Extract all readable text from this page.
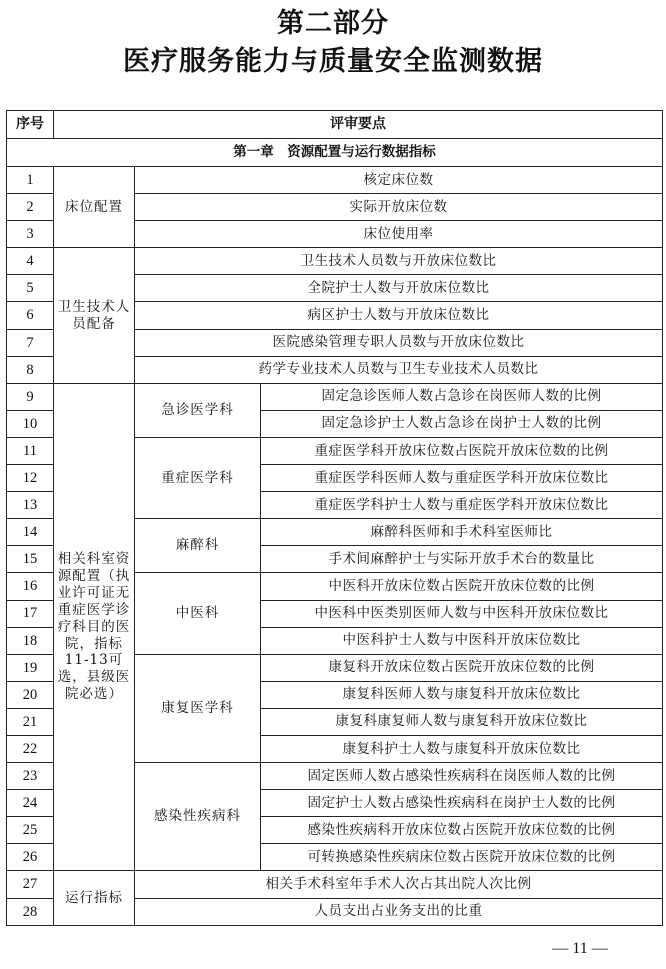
第二部分
医疗服务能力与质量安全监测数据
序号	评审要点		
第一章　资源配置与运行数据指标			
1	床位配置	核定床位数	
2		实际开放床位数	
3		床位使用率	
4	卫生技术人员配备	卫生技术人员数与开放床位数比	
5		全院护士人数与开放床位数比	
6		病区护士人数与开放床位数比	
7		医院感染管理专职人员数与开放床位数比	
8		药学专业技术人员数与卫生专业技术人员数比	
9	相关科室资源配置（执业许可证无重症医学诊疗科目的医院，指标11-13可选，县级医院必选）	急诊医学科	固定急诊医师人数占急诊在岗医师人数的比例
10			固定急诊护士人数占急诊在岗护士人数的比例
11		重症医学科	重症医学科开放床位数占医院开放床位数的比例
12			重症医学科医师人数与重症医学科开放床位数比
13			重症医学科护士人数与重症医学科开放床位数比
14		麻醉科	麻醉科医师和手术科室医师比
15			手术间麻醉护士与实际开放手术台的数量比
16		中医科	中医科开放床位数占医院开放床位数的比例
17			中医科中医类别医师人数与中医科开放床位数比
18			中医科护士人数与中医科开放床位数比
19		康复医学科	康复科开放床位数占医院开放床位数的比例
20			康复科医师人数与康复科开放床位数比
21			康复科康复师人数与康复科开放床位数比
22			康复科护士人数与康复科开放床位数比
23		感染性疾病科	固定医师人数占感染性疾病科在岗医师人数的比例
24			固定护士人数占感染性疾病科在岗护士人数的比例
25			感染性疾病科开放床位数占医院开放床位数的比例
26			可转换感染性疾病床位数占医院开放床位数的比例
27	运行指标	相关手术科室年手术人次占其出院人次比例	
28		人员支出占业务支出的比重	
— 11 —
